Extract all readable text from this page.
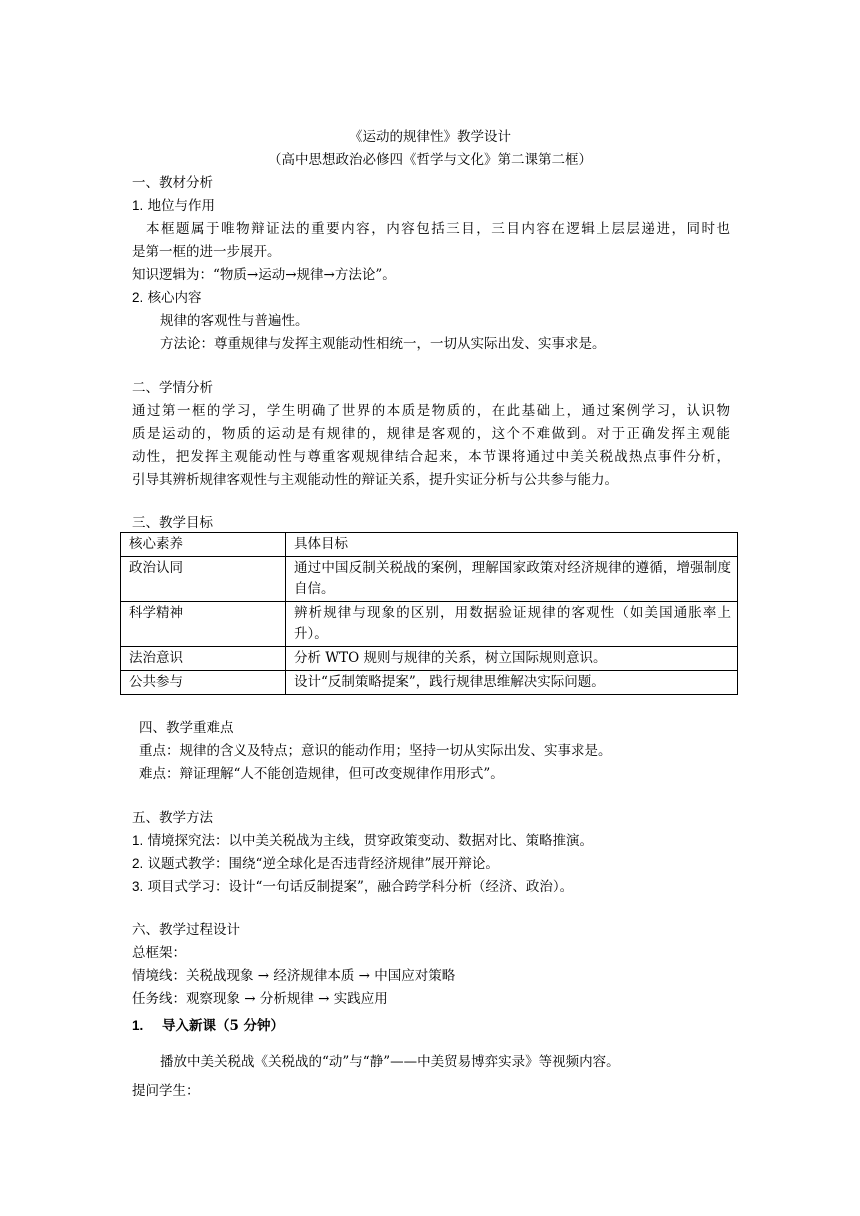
《运动的规律性》教学设计
（高中思想政治必修四《哲学与文化》第二课第二框）
一、教材分析
1. 地位与作用
本框题属于唯物辩证法的重要内容，内容包括三目，三目内容在逻辑上层层递进，同时也
是第一框的进一步展开。
知识逻辑为：“物质→运动→规律→方法论”。
2. 核心内容
规律的客观性与普遍性。
方法论：尊重规律与发挥主观能动性相统一，一切从实际出发、实事求是。
二、学情分析
通过第一框的学习，学生明确了世界的本质是物质的，在此基础上，通过案例学习，认识物
质是运动的，物质的运动是有规律的，规律是客观的，这个不难做到。对于正确发挥主观能
动性，把发挥主观能动性与尊重客观规律结合起来，本节课将通过中美关税战热点事件分析，
引导其辨析规律客观性与主观能动性的辩证关系，提升实证分析与公共参与能力。
三、教学目标
核心素养	具体目标
政治认同	通过中国反制关税战的案例，理解国家政策对经济规律的遵循，增强制度自信。
科学精神	辨析规律与现象的区别，用数据验证规律的客观性（如美国通胀率上升）。
法治意识	分析 WTO 规则与规律的关系，树立国际规则意识。
公共参与	设计“反制策略提案”，践行规律思维解决实际问题。
四、教学重难点
重点：规律的含义及特点；意识的能动作用；坚持一切从实际出发、实事求是。
难点：辩证理解“人不能创造规律，但可改变规律作用形式”。
五、教学方法
1. 情境探究法：以中美关税战为主线，贯穿政策变动、数据对比、策略推演。
2. 议题式教学：围绕“逆全球化是否违背经济规律”展开辩论。
3. 项目式学习：设计“一句话反制提案”，融合跨学科分析（经济、政治）。
六、教学过程设计
总框架：
情境线：关税战现象 → 经济规律本质 → 中国应对策略
任务线：观察现象 → 分析规律 → 实践应用
1. 导入新课（5 分钟）
播放中美关税战《关税战的“动”与“静”——中美贸易博弈实录》等视频内容。
提问学生：
